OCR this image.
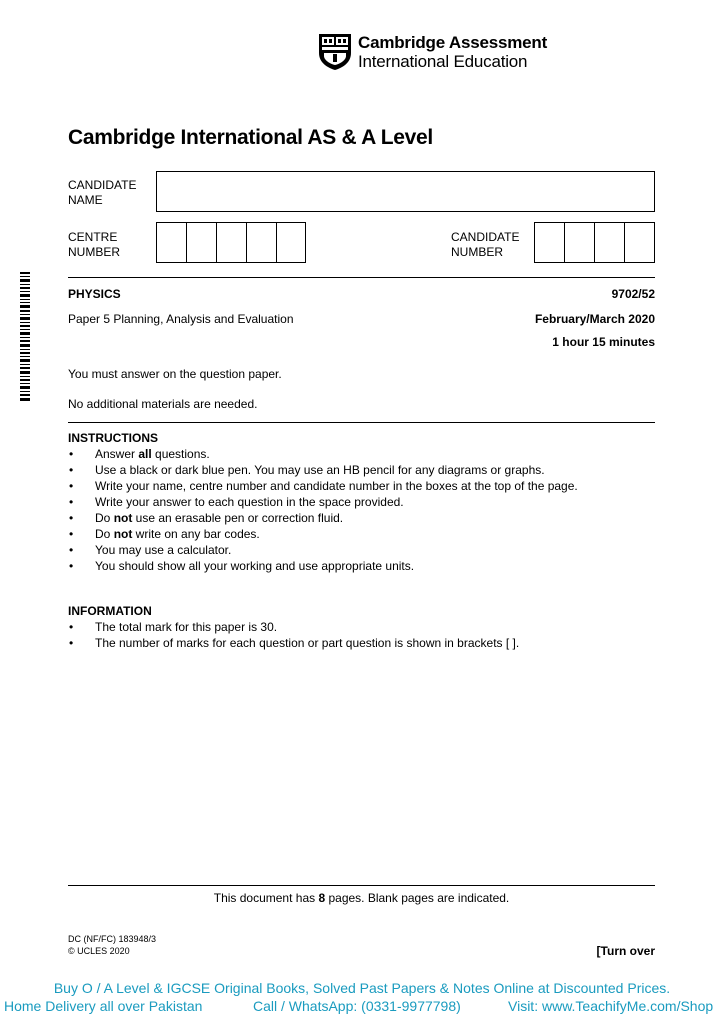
Cambridge Assessment
International Education
Cambridge International AS & A Level
CANDIDATE
NAME
CENTRE
NUMBER
CANDIDATE
NUMBER
PHYSICS	9702/52
Paper 5 Planning, Analysis and Evaluation	February/March 2020
1 hour 15 minutes
You must answer on the question paper.
No additional materials are needed.
INSTRUCTIONS
• Answer all questions.
• Use a black or dark blue pen. You may use an HB pencil for any diagrams or graphs.
• Write your name, centre number and candidate number in the boxes at the top of the page.
• Write your answer to each question in the space provided.
• Do not use an erasable pen or correction fluid.
• Do not write on any bar codes.
• You may use a calculator.
• You should show all your working and use appropriate units.
INFORMATION
• The total mark for this paper is 30.
• The number of marks for each question or part question is shown in brackets [ ].
This document has 8 pages. Blank pages are indicated.
DC (NF/FC) 183948/3
© UCLES 2020	[Turn over
Buy O / A Level & IGCSE Original Books, Solved Past Papers & Notes Online at Discounted Prices.
Home Delivery all over Pakistan	Call / WhatsApp: (0331-9977798)	Visit: www.TeachifyMe.com/Shop
